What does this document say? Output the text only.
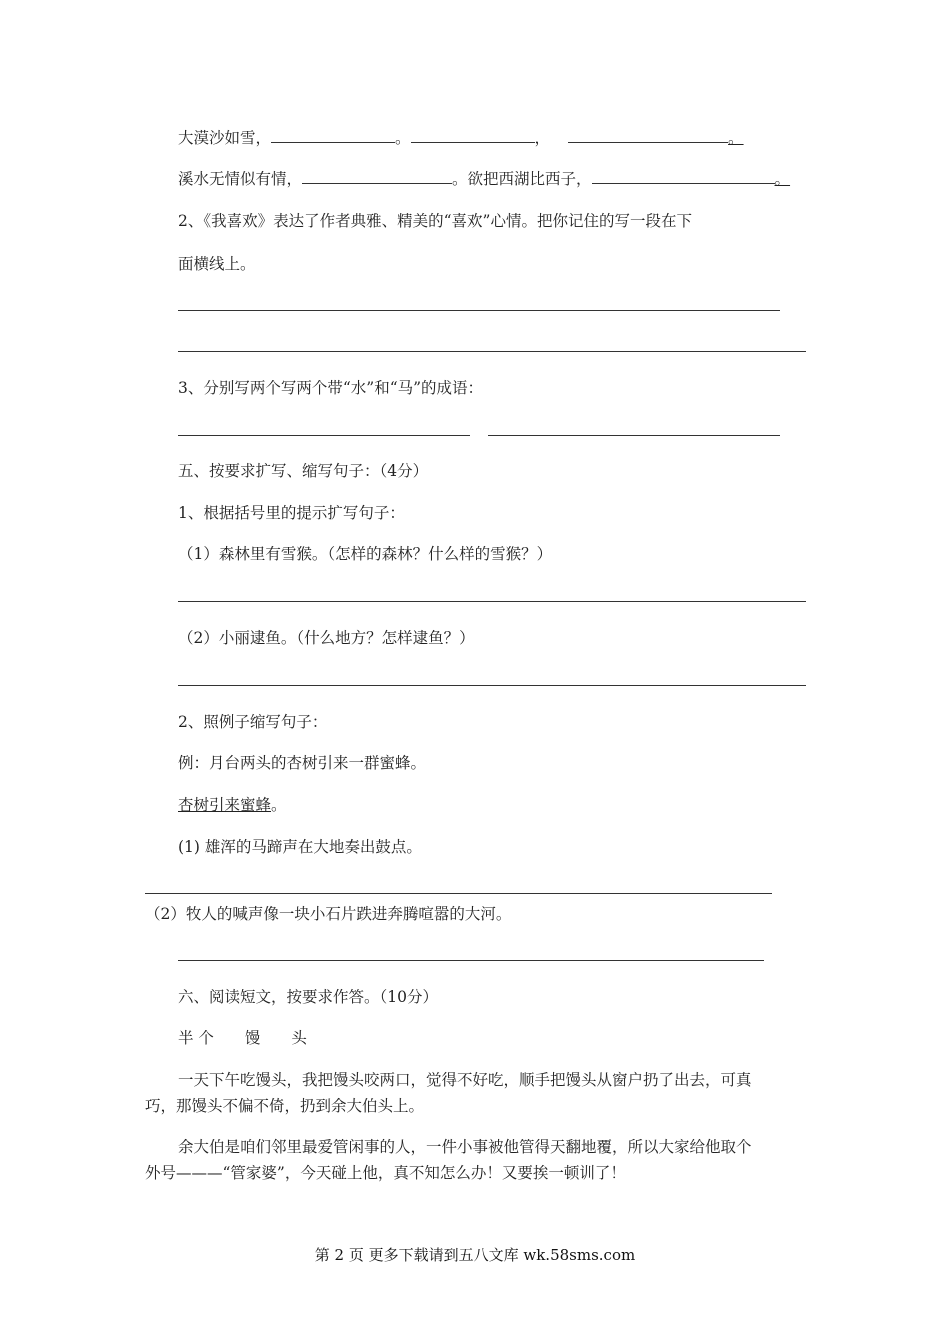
大漠沙如雪，	。	，	。
溪水无情似有情，	。欲把西湖比西子，	。
2、《我喜欢》表达了作者典雅、精美的“喜欢”心情。把你记住的写一段在下
面横线上。
3、分别写两个写两个带“水”和“马”的成语：
五、按要求扩写、缩写句子：（4分）
1、根据括号里的提示扩写句子：
（1）森林里有雪猴。（怎样的森林？什么样的雪猴？）
（2）小丽逮鱼。（什么地方？怎样逮鱼？）
2、照例子缩写句子：
例：月台两头的杏树引来一群蜜蜂。
杏树引来蜜蜂。
(1) 雄浑的马蹄声在大地奏出鼓点。
（2）牧人的喊声像一块小石片跌进奔腾喧嚣的大河。
六、阅读短文，按要求作答。（10分）
半 个　　馒　　头
一天下午吃馒头，我把馒头咬两口，觉得不好吃，顺手把馒头从窗户扔了出去，可真
巧，那馒头不偏不倚，扔到余大伯头上。
余大伯是咱们邻里最爱管闲事的人，一件小事被他管得天翻地覆，所以大家给他取个
外号———“管家婆”，今天碰上他，真不知怎么办！又要挨一顿训了！
第 2 页 更多下载请到五八文库 wk.58sms.com
